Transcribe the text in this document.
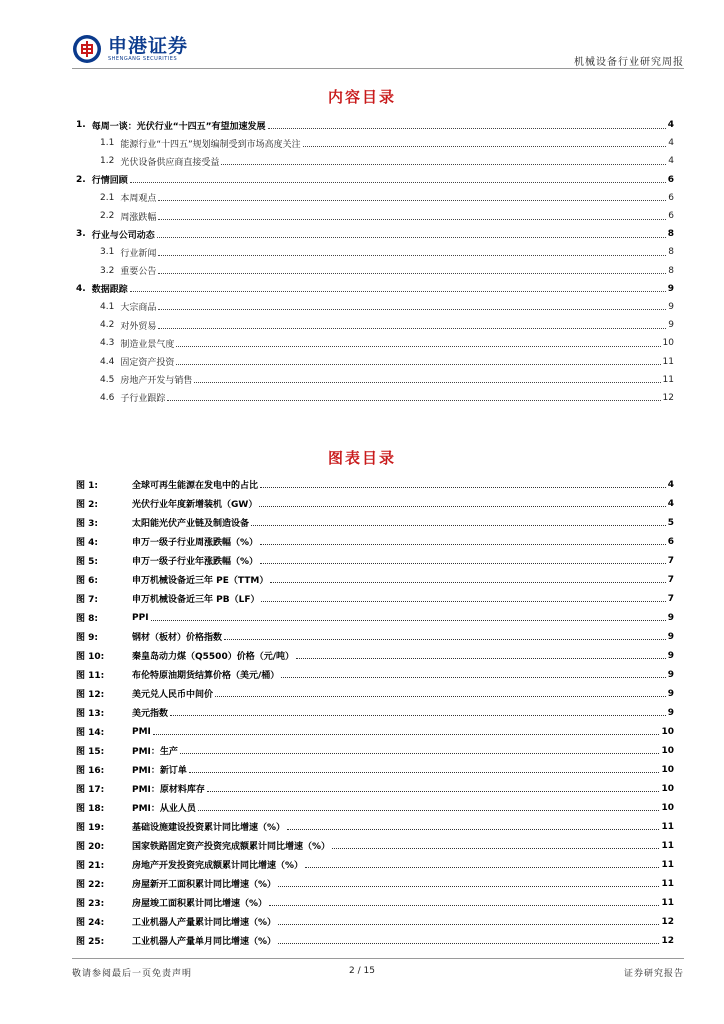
申港证券
SHENGANG SECURITIES	机械设备行业研究周报
内容目录
1. 每周一谈：光伏行业“十四五”有望加速发展	4
1.1 能源行业“十四五”规划编制受到市场高度关注	4
1.2 光伏设备供应商直接受益	4
2. 行情回顾	6
2.1 本周观点	6
2.2 周涨跌幅	6
3. 行业与公司动态	8
3.1 行业新闻	8
3.2 重要公告	8
4. 数据跟踪	9
4.1 大宗商品	9
4.2 对外贸易	9
4.3 制造业景气度	10
4.4 固定资产投资	11
4.5 房地产开发与销售	11
4.6 子行业跟踪	12
图表目录
图 1:	全球可再生能源在发电中的占比	4
图 2:	光伏行业年度新增装机（GW）	4
图 3:	太阳能光伏产业链及制造设备	5
图 4:	申万一级子行业周涨跌幅（%）	6
图 5:	申万一级子行业年涨跌幅（%）	7
图 6:	申万机械设备近三年 PE（TTM）	7
图 7:	申万机械设备近三年 PB（LF）	7
图 8:	PPI	9
图 9:	钢材（板材）价格指数	9
图 10:	秦皇岛动力煤（Q5500）价格（元/吨）	9
图 11:	布伦特原油期货结算价格（美元/桶）	9
图 12:	美元兑人民币中间价	9
图 13:	美元指数	9
图 14:	PMI	10
图 15:	PMI：生产	10
图 16:	PMI：新订单	10
图 17:	PMI：原材料库存	10
图 18:	PMI：从业人员	10
图 19:	基础设施建设投资累计同比增速（%）	11
图 20:	国家铁路固定资产投资完成额累计同比增速（%）	11
图 21:	房地产开发投资完成额累计同比增速（%）	11
图 22:	房屋新开工面积累计同比增速（%）	11
图 23:	房屋竣工面积累计同比增速（%）	11
图 24:	工业机器人产量累计同比增速（%）	12
图 25:	工业机器人产量单月同比增速（%）	12
敬请参阅最后一页免责声明	2 / 15	证券研究报告
